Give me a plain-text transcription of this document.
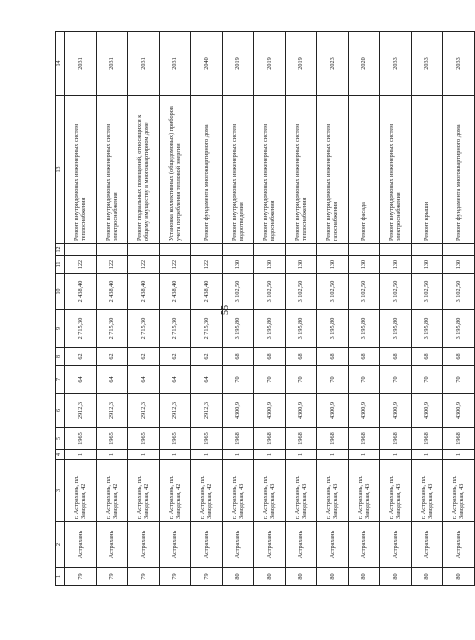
55
1	2	3	4	5	6	7	8	9	10	11	12	13	14
79	Астрахань	г. Астрахань, пл. Заводская, 42	1	1965	2912,3	64	62	2 715,30	2 438,40	122		Ремонт внутридомовых инженерных систем теплоснабжения	2031
79	Астрахань	г. Астрахань, пл. Заводская, 42	1	1965	2912,3	64	62	2 715,30	2 438,40	122		Ремонт внутридомовых инженерных систем электроснабжения	2031
79	Астрахань	г. Астрахань, пл. Заводская, 42	1	1965	2912,3	64	62	2 715,30	2 438,40	122		Ремонт подвальных помещений, относящихся к общему имуществу в многоквартирном доме	2031
79	Астрахань	г. Астрахань, пл. Заводская, 42	1	1965	2912,3	64	62	2 715,30	2 438,40	122		Установка коллективных (общедомовых) приборов учета потребления тепловой энергии	2031
79	Астрахань	г. Астрахань, пл. Заводская, 42	1	1965	2912,3	64	62	2 715,30	2 438,40	122		Ремонт фундамента многоквартирного дома	2040
80	Астрахань	г. Астрахань, пл. Заводская, 43	1	1968	4300,9	70	68	3 195,80	3 102,50	130		Ремонт внутридомовых инженерных систем водоотведения	2019
80	Астрахань	г. Астрахань, пл. Заводская, 43	1	1968	4300,9	70	68	3 195,80	3 102,50	130		Ремонт внутридомовых инженерных систем водоснабжения	2019
80	Астрахань	г. Астрахань, пл. Заводская, 43	1	1968	4300,9	70	68	3 195,80	3 102,50	130		Ремонт внутридомовых инженерных систем теплоснабжения	2019
80	Астрахань	г. Астрахань, пл. Заводская, 43	1	1968	4300,9	70	68	3 195,80	3 102,50	130		Ремонт внутридомовых инженерных систем газоснабжения	2023
80	Астрахань	г. Астрахань, пл. Заводская, 43	1	1968	4300,9	70	68	3 195,80	3 102,50	130		Ремонт фасада	2020
80	Астрахань	г. Астрахань, пл. Заводская, 43	1	1968	4300,9	70	68	3 195,80	3 102,50	130		Ремонт внутридомовых инженерных систем электроснабжения	2033
80	Астрахань	г. Астрахань, пл. Заводская, 43	1	1968	4300,9	70	68	3 195,80	3 102,50	130		Ремонт крыши	2033
80	Астрахань	г. Астрахань, пл. Заводская, 43	1	1968	4300,9	70	68	3 195,80	3 102,50	130		Ремонт фундамента многоквартирного дома	2033
